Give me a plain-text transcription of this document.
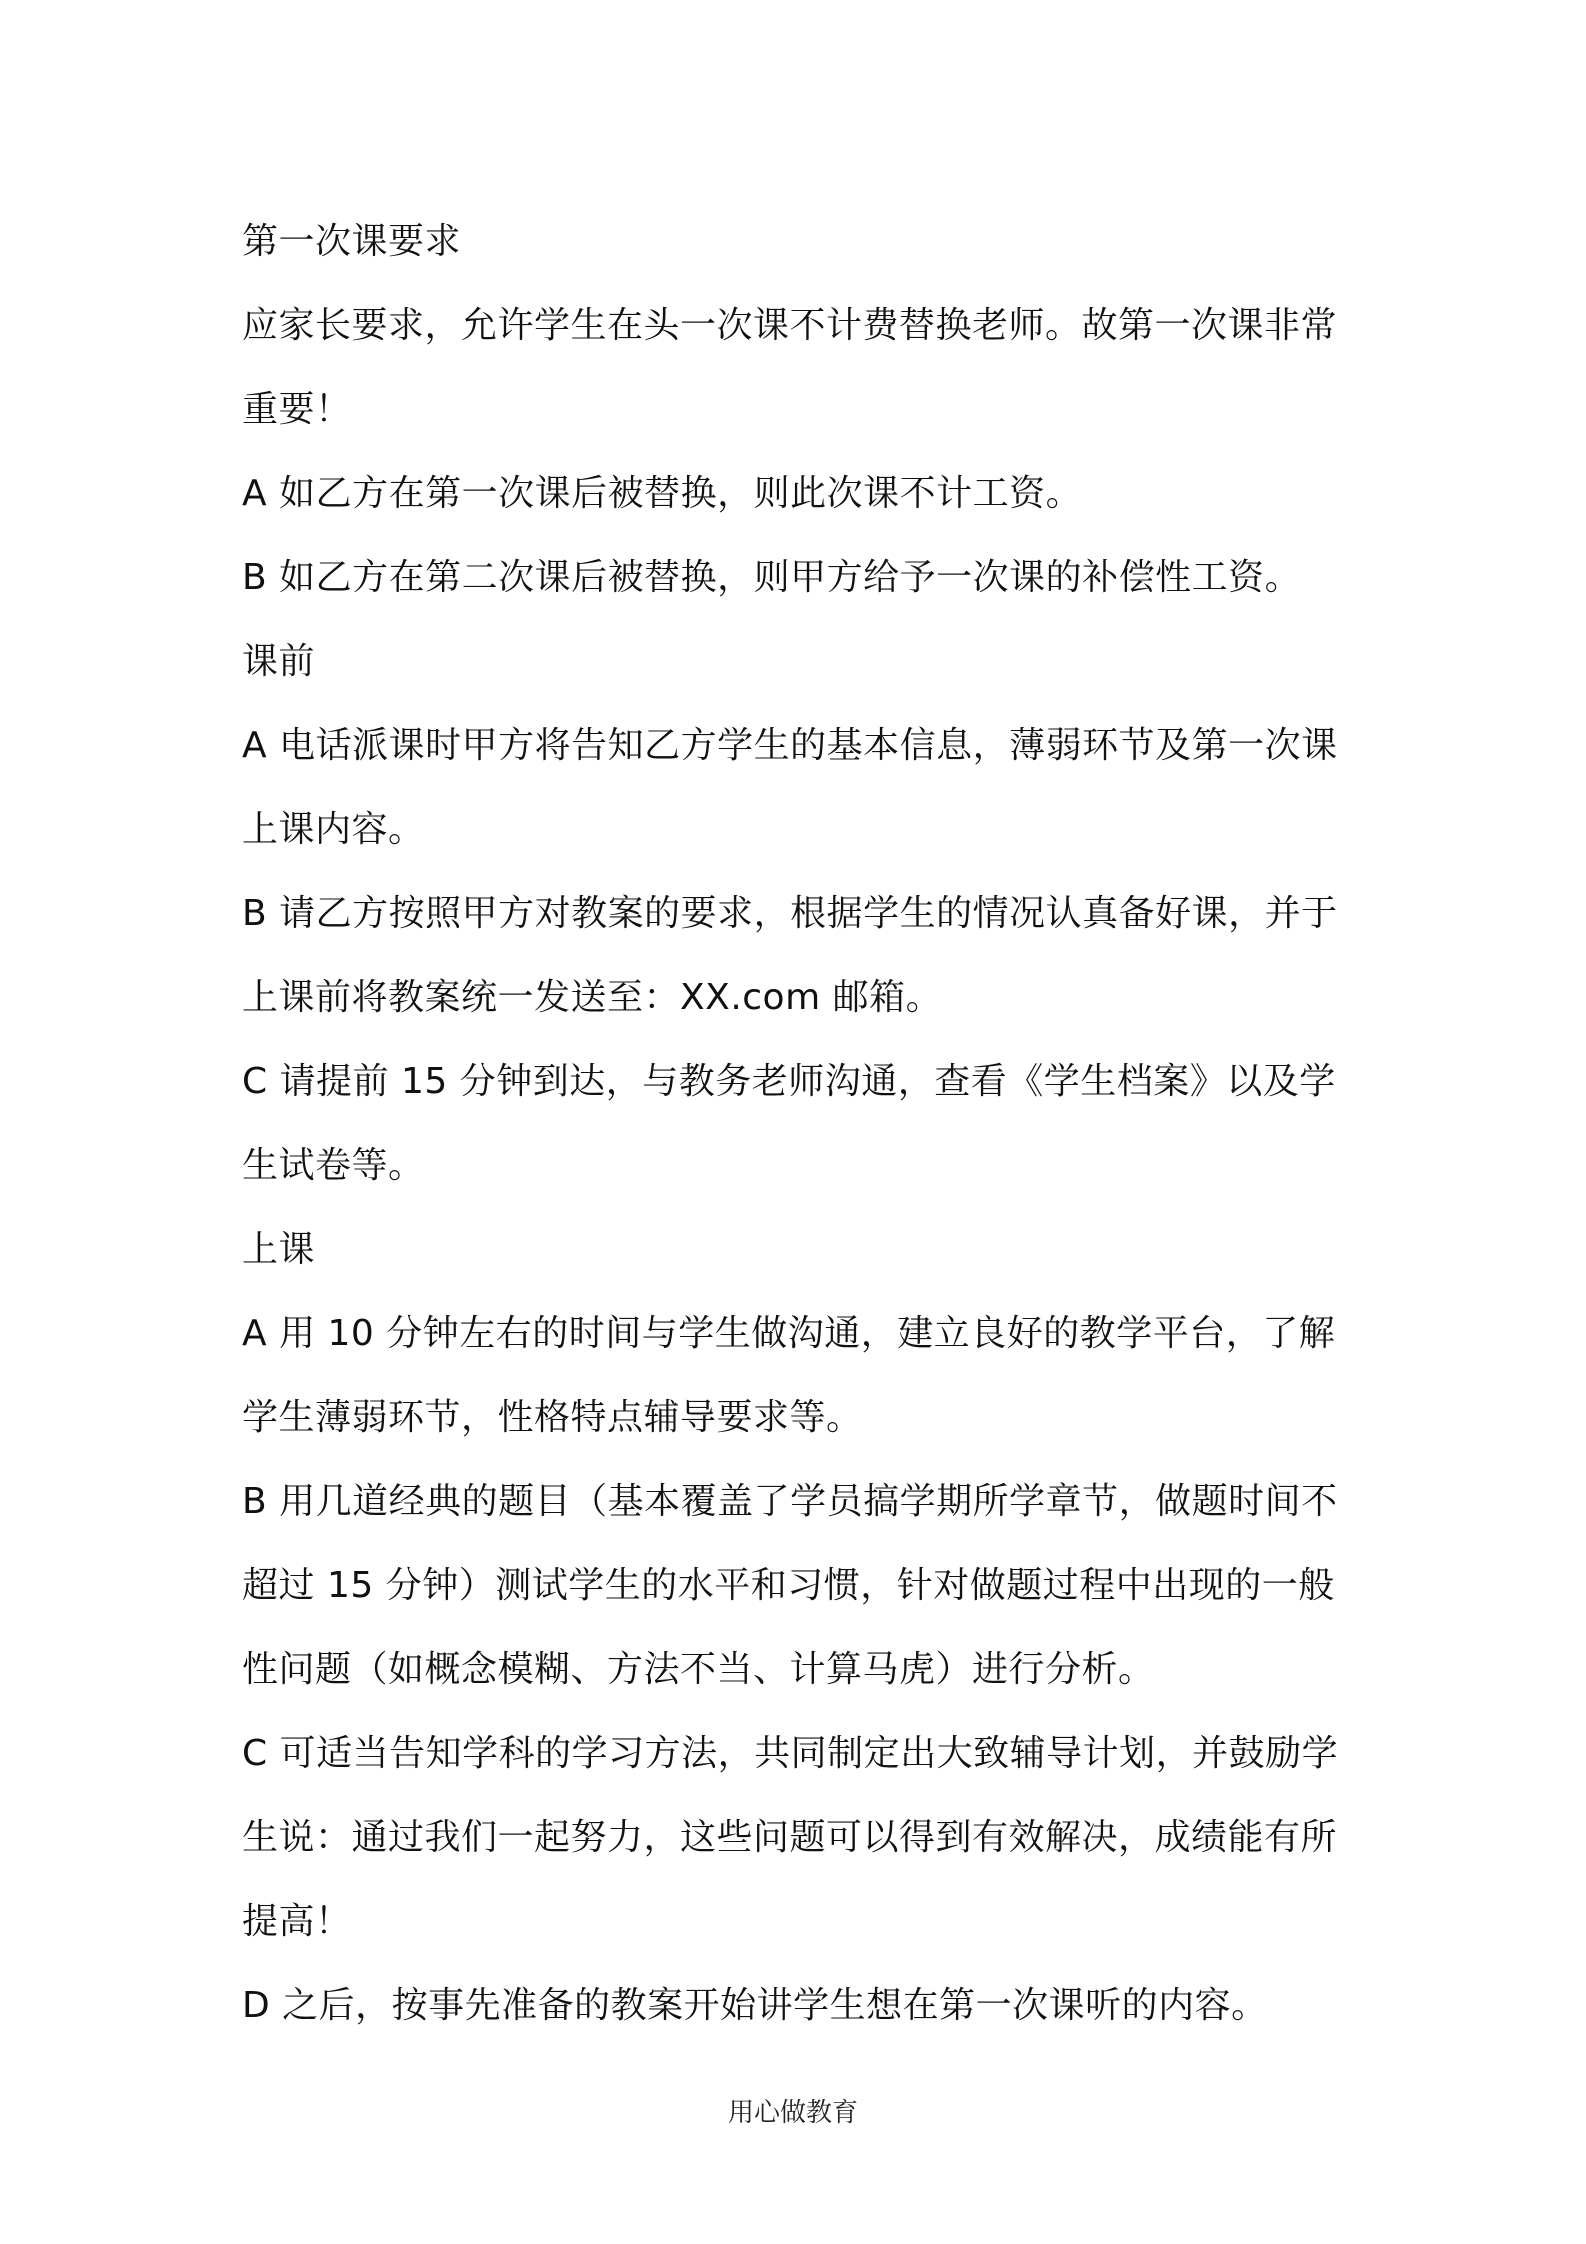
第一次课要求

应家长要求，允许学生在头一次课不计费替换老师。故第一次课非常重要！

A 如乙方在第一次课后被替换，则此次课不计工资。

B 如乙方在第二次课后被替换，则甲方给予一次课的补偿性工资。

课前

A 电话派课时甲方将告知乙方学生的基本信息，薄弱环节及第一次课上课内容。

B 请乙方按照甲方对教案的要求，根据学生的情况认真备好课，并于上课前将教案统一发送至：XX.com 邮箱。

C 请提前 15 分钟到达，与教务老师沟通，查看《学生档案》以及学生试卷等。

上课

A 用 10 分钟左右的时间与学生做沟通，建立良好的教学平台，了解学生薄弱环节，性格特点辅导要求等。

B 用几道经典的题目（基本覆盖了学员搞学期所学章节，做题时间不超过 15 分钟）测试学生的水平和习惯，针对做题过程中出现的一般性问题（如概念模糊、方法不当、计算马虎）进行分析。

C 可适当告知学科的学习方法，共同制定出大致辅导计划，并鼓励学生说：通过我们一起努力，这些问题可以得到有效解决，成绩能有所提高！

D 之后，按事先准备的教案开始讲学生想在第一次课听的内容。

用心做教育
